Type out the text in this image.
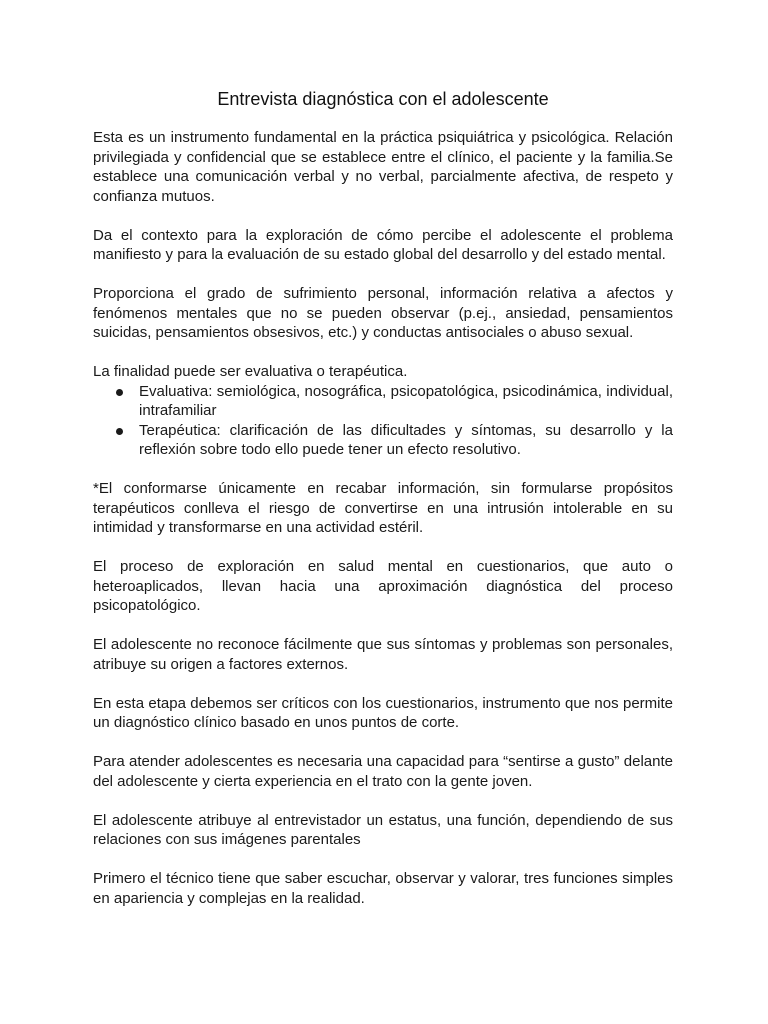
Entrevista diagnóstica con el adolescente

Esta es un instrumento fundamental en la práctica psiquiátrica y psicológica. Relación privilegiada y confidencial que se establece entre el clínico, el paciente y la familia.Se establece una comunicación verbal y no verbal, parcialmente afectiva, de respeto y confianza mutuos.

Da el contexto para la exploración de cómo percibe el adolescente el problema manifiesto y para la evaluación de su estado global del desarrollo y del estado mental.

Proporciona el grado de sufrimiento personal, información relativa a afectos y fenómenos mentales que no se pueden observar (p.ej., ansiedad, pensamientos suicidas, pensamientos obsesivos, etc.) y conductas antisociales o abuso sexual.

La finalidad puede ser evaluativa o terapéutica.

Evaluativa: semiológica, nosográfica, psicopatológica, psicodinámica, individual, intrafamiliar
Terapéutica: clarificación de las dificultades y síntomas, su desarrollo y la reflexión sobre todo ello puede tener un efecto resolutivo.

*El conformarse únicamente en recabar información, sin formularse propósitos terapéuticos conlleva el riesgo de convertirse en una intrusión intolerable en su intimidad y transformarse en una actividad estéril.

El proceso de exploración en salud mental en cuestionarios, que auto o heteroaplicados, llevan hacia una aproximación diagnóstica del proceso psicopatológico.

El adolescente no reconoce fácilmente que sus síntomas y problemas son personales, atribuye su origen a factores externos.

En esta etapa debemos ser críticos con los cuestionarios, instrumento que nos permite un diagnóstico clínico basado en unos puntos de corte.

Para atender adolescentes es necesaria una capacidad para “sentirse a gusto” delante del adolescente y cierta experiencia en el trato con la gente joven.

El adolescente atribuye al entrevistador un estatus, una función, dependiendo de sus relaciones con sus imágenes parentales

Primero el técnico tiene que saber escuchar, observar y valorar, tres funciones simples en apariencia y complejas en la realidad.
